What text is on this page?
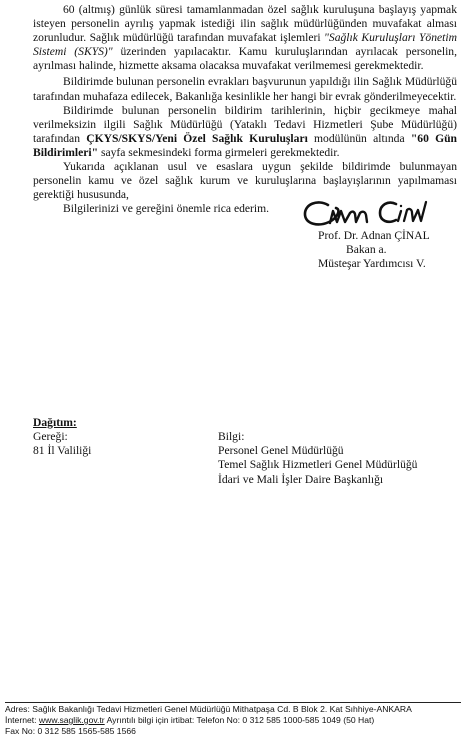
60 (altmış) günlük süresi tamamlanmadan özel sağlık kuruluşuna başlayış yapmak isteyen personelin ayrılış yapmak istediği ilin sağlık müdürlüğünden muvafakat alması zorunludur. Sağlık müdürlüğü tarafından muvafakat işlemleri "Sağlık Kuruluşları Yönetim Sistemi (SKYS)" üzerinden yapılacaktır. Kamu kuruluşlarından ayrılacak personelin, ayrılması halinde, hizmette aksama olacaksa muvafakat verilmemesi gerekmektedir.

Bildirimde bulunan personelin evrakları başvurunun yapıldığı ilin Sağlık Müdürlüğü tarafından muhafaza edilecek, Bakanlığa kesinlikle her hangi bir evrak gönderilmeyecektir.

Bildirimde bulunan personelin bildirim tarihlerinin, hiçbir gecikmeye mahal verilmeksizin ilgili Sağlık Müdürlüğü (Yataklı Tedavi Hizmetleri Şube Müdürlüğü) tarafından ÇKYS/SKYS/Yeni Özel Sağlık Kuruluşları modülünün altında "60 Gün Bildirimleri" sayfa sekmesindeki forma girmeleri gerekmektedir.

Yukarıda açıklanan usul ve esaslara uygun şekilde bildirimde bulunmayan personelin kamu ve özel sağlık kurum ve kuruluşlarına başlayışlarının yapılmaması gerektiği hususunda,

Bilgilerinizi ve gereğini önemle rica ederim.

Prof. Dr. Adnan ÇİNAL
Bakan a.
Müsteşar Yardımcısı V.
Dağıtım:
Gereği:
81 İl Valiliği
Bilgi:
Personel Genel Müdürlüğü
Temel Sağlık Hizmetleri Genel Müdürlüğü
İdari ve Mali İşler Daire Başkanlığı
Adres: Sağlık Bakanlığı Tedavi Hizmetleri Genel Müdürlüğü Mithatpaşa Cd. B Blok 2. Kat Sıhhiye-ANKARA
İnternet: www.saglik.gov.tr Ayrıntılı bilgi için irtibat: Telefon No: 0 312 585 1000-585 1049 (50 Hat)
Fax No: 0 312 585 1565-585 1566
